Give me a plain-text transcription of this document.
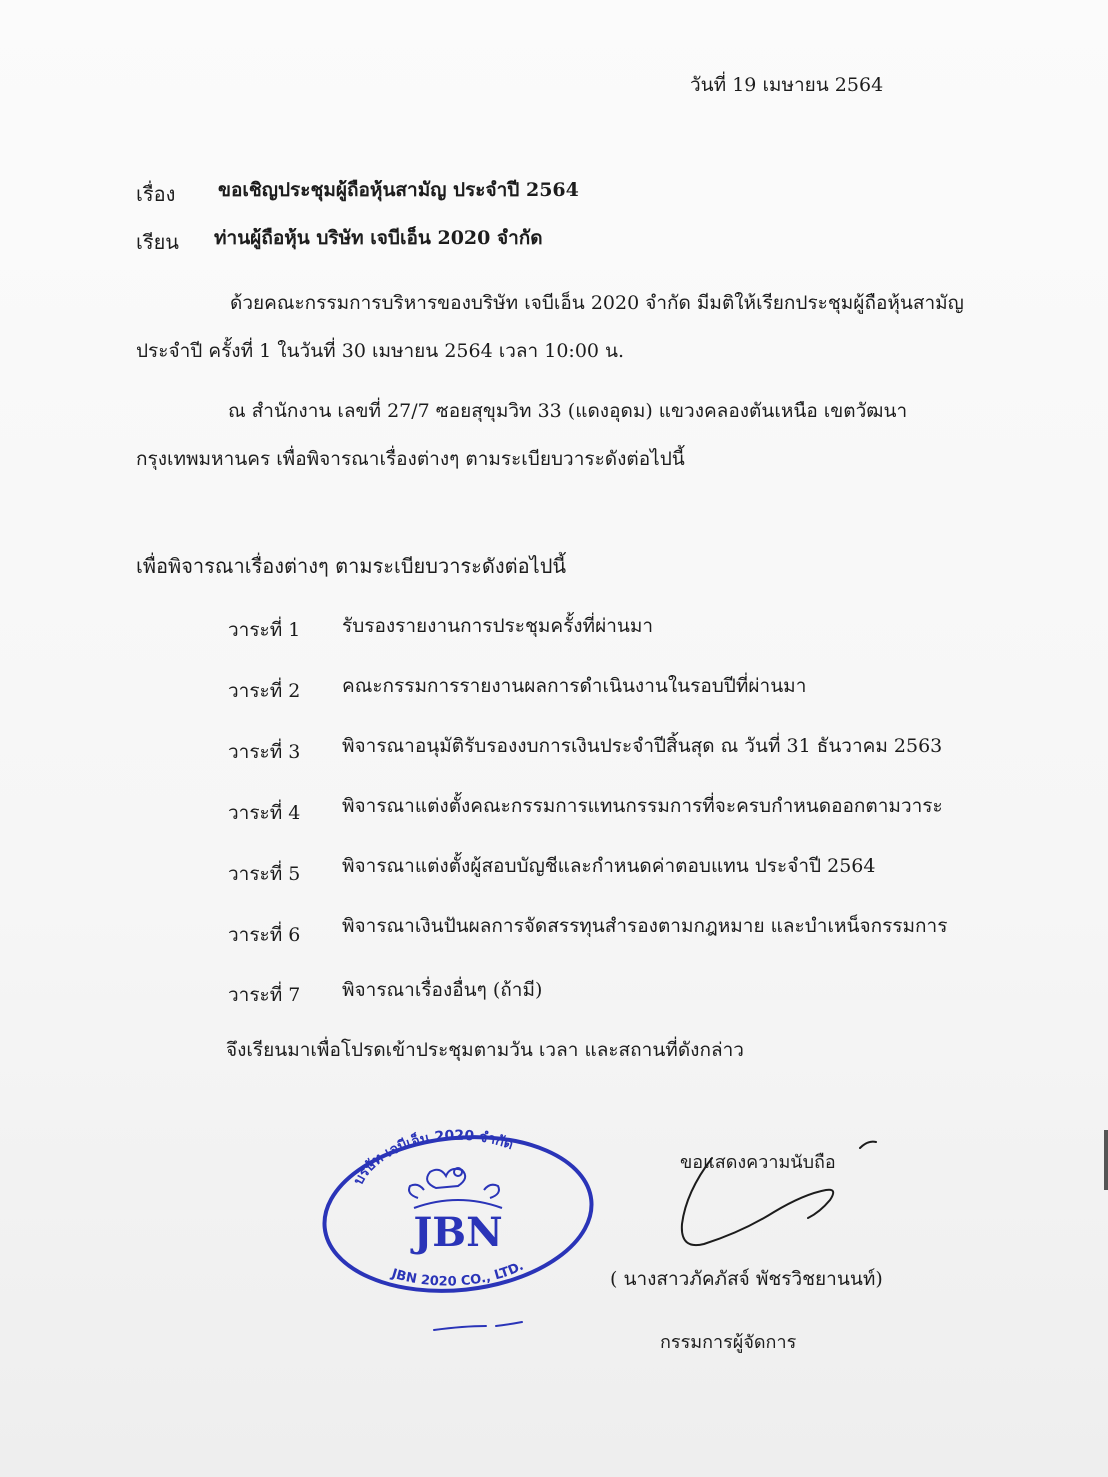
วันที่ 19 เมษายน 2564
เรื่อง ขอเชิญประชุมผู้ถือหุ้นสามัญ ประจำปี 2564
เรียน ท่านผู้ถือหุ้น บริษัท เจบีเอ็น 2020 จำกัด
ด้วยคณะกรรมการบริหารของบริษัท เจบีเอ็น 2020 จำกัด มีมติให้เรียกประชุมผู้ถือหุ้นสามัญ
ประจำปี ครั้งที่ 1 ในวันที่ 30 เมษายน 2564 เวลา 10:00 น.
ณ สำนักงาน เลขที่ 27/7 ซอยสุขุมวิท 33 (แดงอุดม) แขวงคลองตันเหนือ เขตวัฒนา
กรุงเทพมหานคร เพื่อพิจารณาเรื่องต่างๆ ตามระเบียบวาระดังต่อไปนี้
เพื่อพิจารณาเรื่องต่างๆ ตามระเบียบวาระดังต่อไปนี้
วาระที่ 1 รับรองรายงานการประชุมครั้งที่ผ่านมา
วาระที่ 2 คณะกรรมการรายงานผลการดำเนินงานในรอบปีที่ผ่านมา
วาระที่ 3 พิจารณาอนุมัติรับรองงบการเงินประจำปีสิ้นสุด ณ วันที่ 31 ธันวาคม 2563
วาระที่ 4 พิจารณาแต่งตั้งคณะกรรมการแทนกรรมการที่จะครบกำหนดออกตามวาระ
วาระที่ 5 พิจารณาแต่งตั้งผู้สอบบัญชีและกำหนดค่าตอบแทน ประจำปี 2564
วาระที่ 6 พิจารณาเงินปันผลการจัดสรรทุนสำรองตามกฎหมาย และบำเหน็จกรรมการ
วาระที่ 7 พิจารณาเรื่องอื่นๆ (ถ้ามี)
จึงเรียนมาเพื่อโปรดเข้าประชุมตามวัน เวลา และสถานที่ดังกล่าว
บริษัท เจบีเอ็น 2020 จำกัด
JBN
JBN 2020 CO., LTD.
ขอแสดงความนับถือ
( นางสาวภัคภัสจ์ พัชรวิชยานนท์)
กรรมการผู้จัดการ
